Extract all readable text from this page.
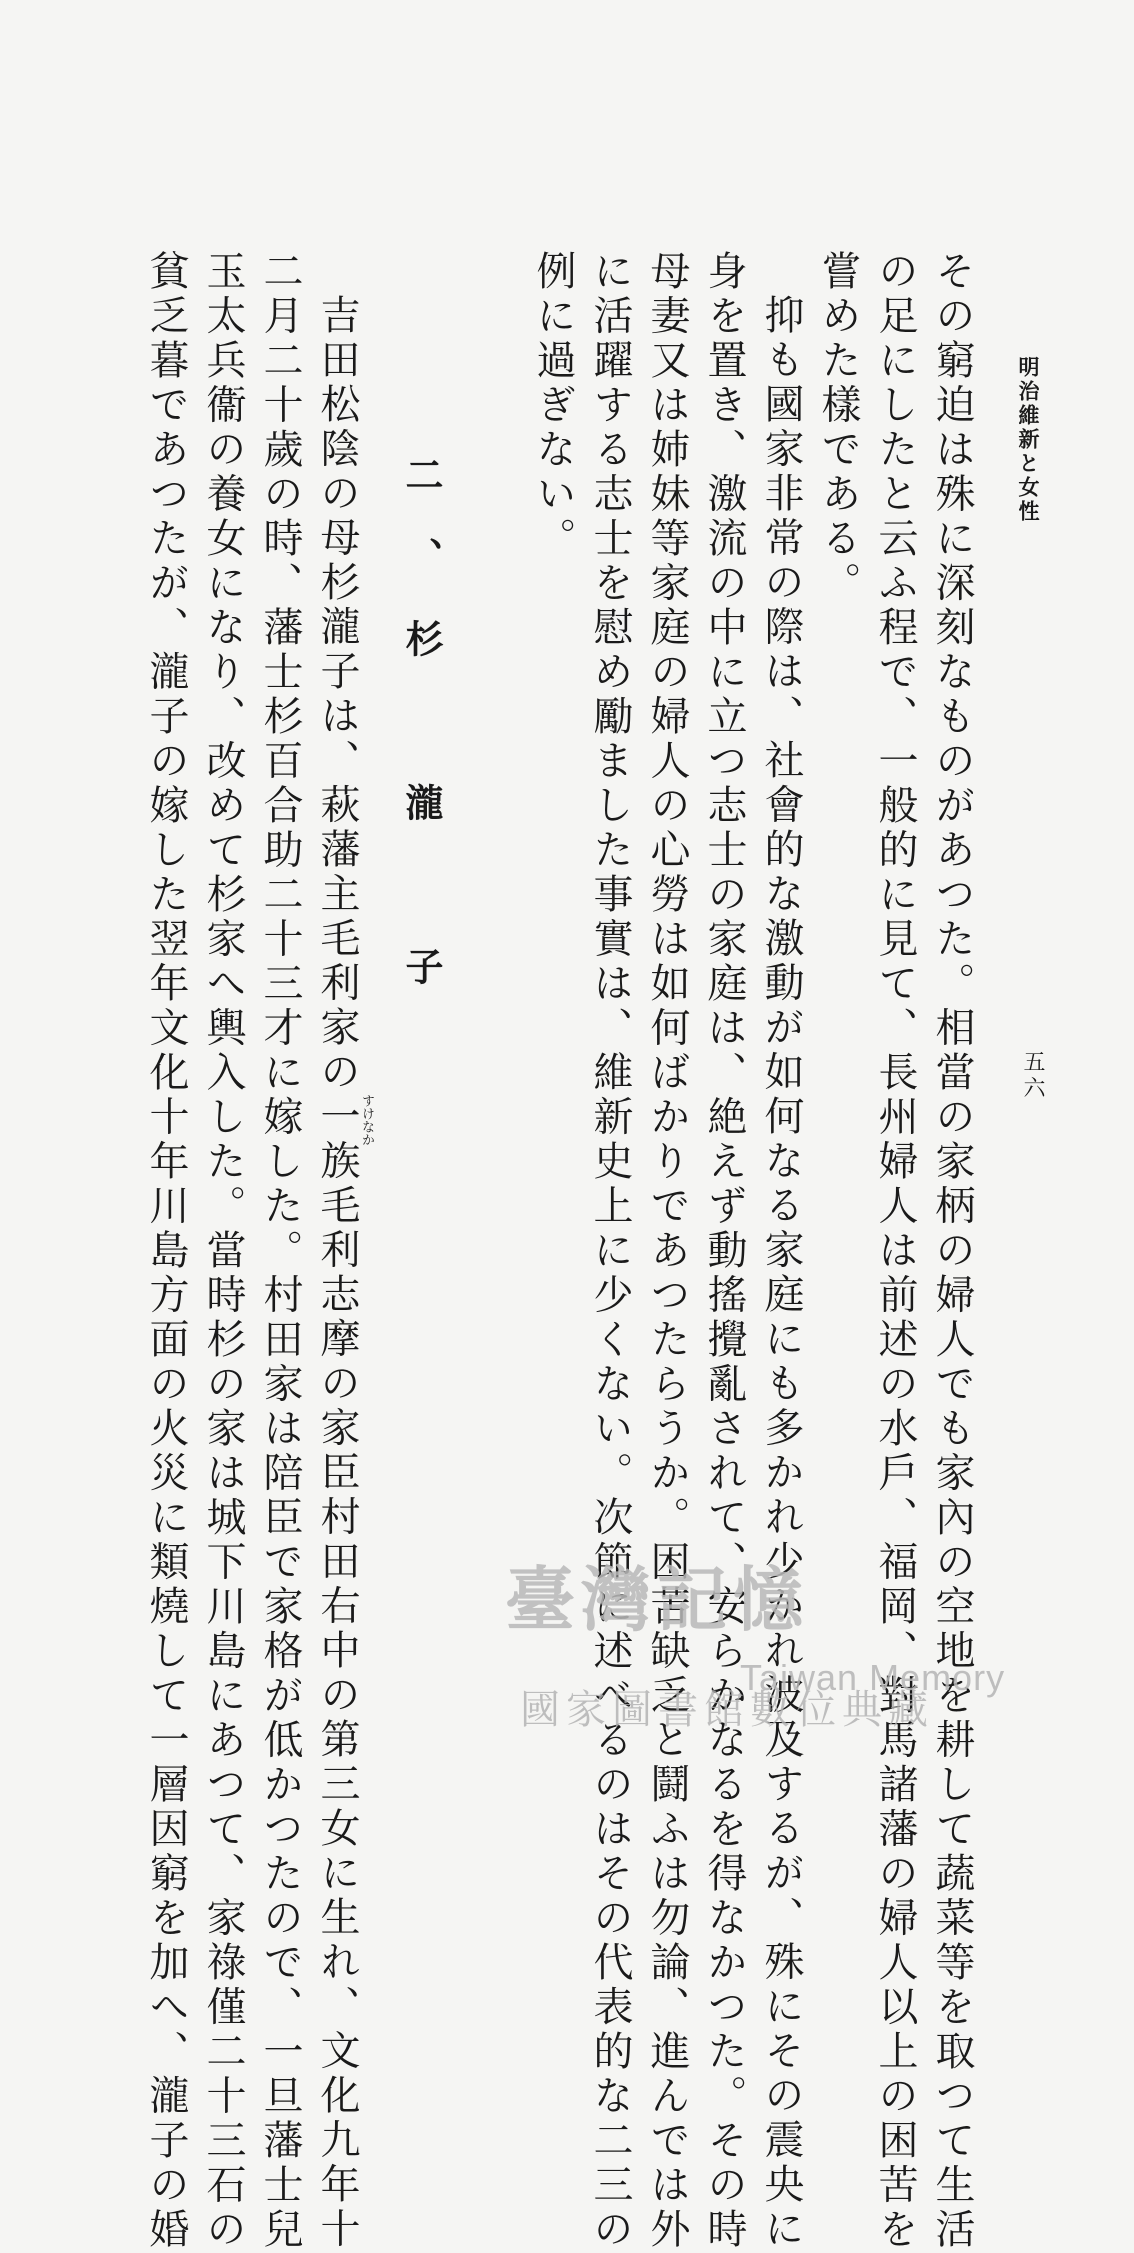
明治維新と女性
五六
その窮迫は殊に深刻なものがあつた。相當の家柄の婦人でも家內の空地を耕して蔬菜等を取つて生活
の足にしたと云ふ程で、一般的に見て、長州婦人は前述の水戶、福岡、對馬諸藩の婦人以上の困苦を
嘗めた樣である。
抑も國家非常の際は、社會的な激動が如何なる家庭にも多かれ少かれ波及するが、殊にその震央に
身を置き、激流の中に立つ志士の家庭は、絶えず動搖攪亂されて、安らかなるを得なかつた。その時
母妻又は姉妹等家庭の婦人の心勞は如何ばかりであつたらうか。困苦缺乏と鬪ふは勿論、進んでは外
に活躍する志士を慰め勵ました事實は、維新史上に少くない。次節に述べるのはその代表的な二三の
例に過ぎない。
二、杉　瀧　子
吉田松陰の母杉瀧子は、萩藩主毛利家の一族毛利志摩の家臣村田右中の第三女に生れ、文化九年十 すけなか
二月二十歲の時、藩士杉百合助二十三才に嫁した。村田家は陪臣で家格が低かつたので、一旦藩士兒
玉太兵衞の養女になり、改めて杉家へ輿入した。當時杉の家は城下川島にあつて、家祿僅二十三石の
貧乏暮であつたが、瀧子の嫁した翌年文化十年川島方面の火災に類燒して一層因窮を加へ、瀧子の婚	臺灣記憶
Taiwan Memory
國家圖書館數位典藏
